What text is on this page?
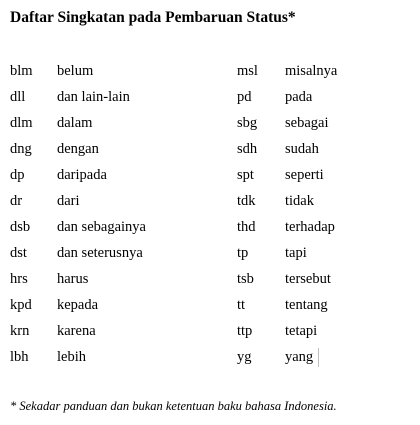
Daftar Singkatan pada Pembaruan Status*
blm	belum	msl	misalnya
dll	dan lain-lain	pd	pada
dlm	dalam	sbg	sebagai
dng	dengan	sdh	sudah
dp	daripada	spt	seperti
dr	dari	tdk	tidak
dsb	dan sebagainya	thd	terhadap
dst	dan seterusnya	tp	tapi
hrs	harus	tsb	tersebut
kpd	kepada	tt	tentang
krn	karena	ttp	tetapi
lbh	lebih	yg	yang
* Sekadar panduan dan bukan ketentuan baku bahasa Indonesia.
